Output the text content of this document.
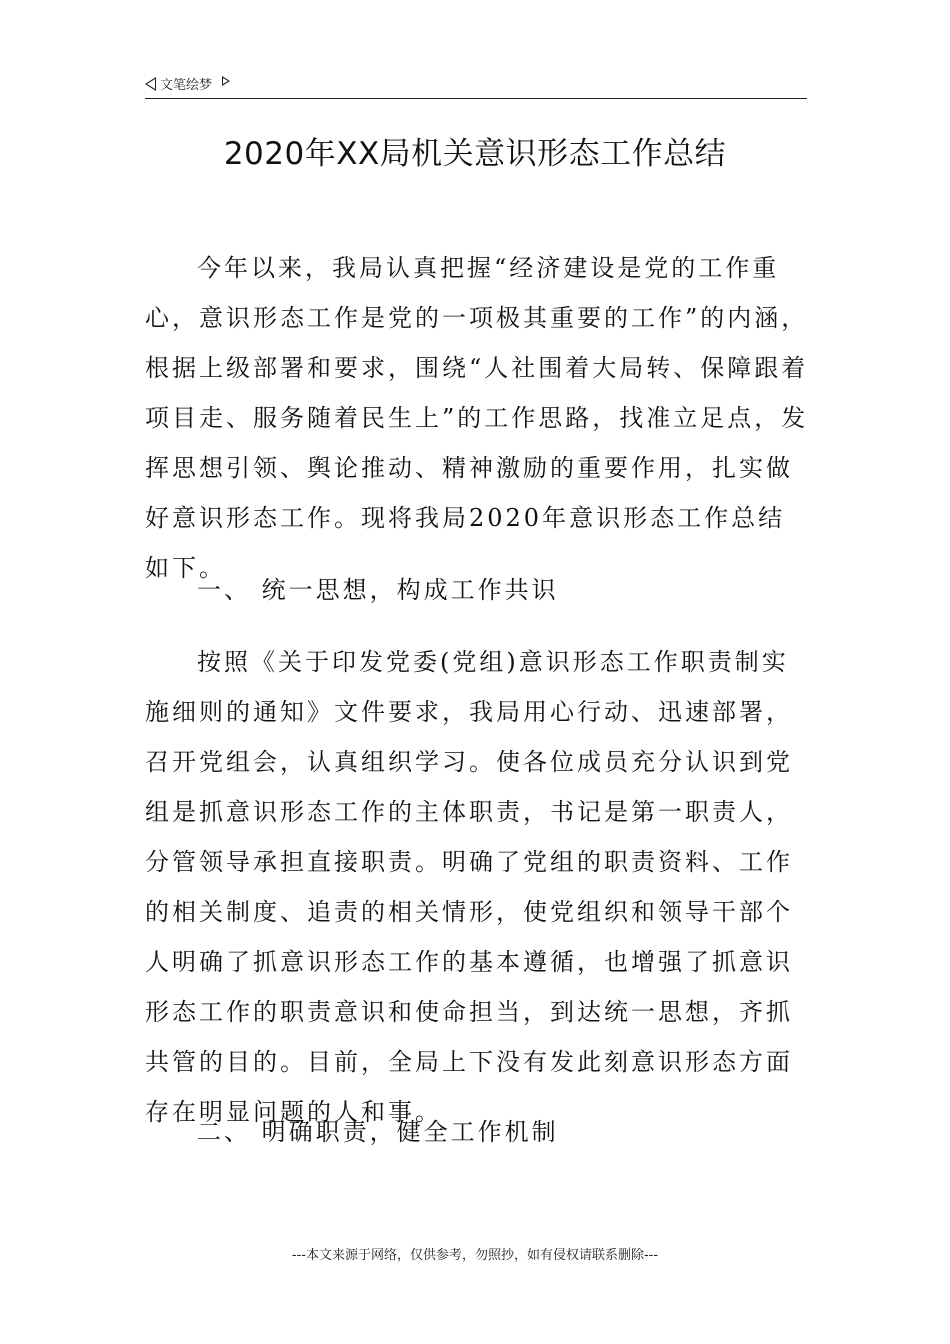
文笔绘梦
2020年XX局机关意识形态工作总结

今年以来，我局认真把握“经济建设是党的工作重心，意识形态工作是党的一项极其重要的工作”的内涵，根据上级部署和要求，围绕“人社围着大局转、保障跟着项目走、服务随着民生上”的工作思路，找准立足点，发挥思想引领、舆论推动、精神激励的重要作用，扎实做好意识形态工作。现将我局2020年意识形态工作总结如下。

一、 统一思想，构成工作共识

按照《关于印发党委(党组)意识形态工作职责制实施细则的通知》文件要求，我局用心行动、迅速部署，召开党组会，认真组织学习。使各位成员充分认识到党组是抓意识形态工作的主体职责，书记是第一职责人，分管领导承担直接职责。明确了党组的职责资料、工作的相关制度、追责的相关情形，使党组织和领导干部个人明确了抓意识形态工作的基本遵循，也增强了抓意识形态工作的职责意识和使命担当，到达统一思想，齐抓共管的目的。目前，全局上下没有发此刻意识形态方面存在明显问题的人和事。

二、 明确职责，健全工作机制

---本文来源于网络，仅供参考，勿照抄，如有侵权请联系删除---
